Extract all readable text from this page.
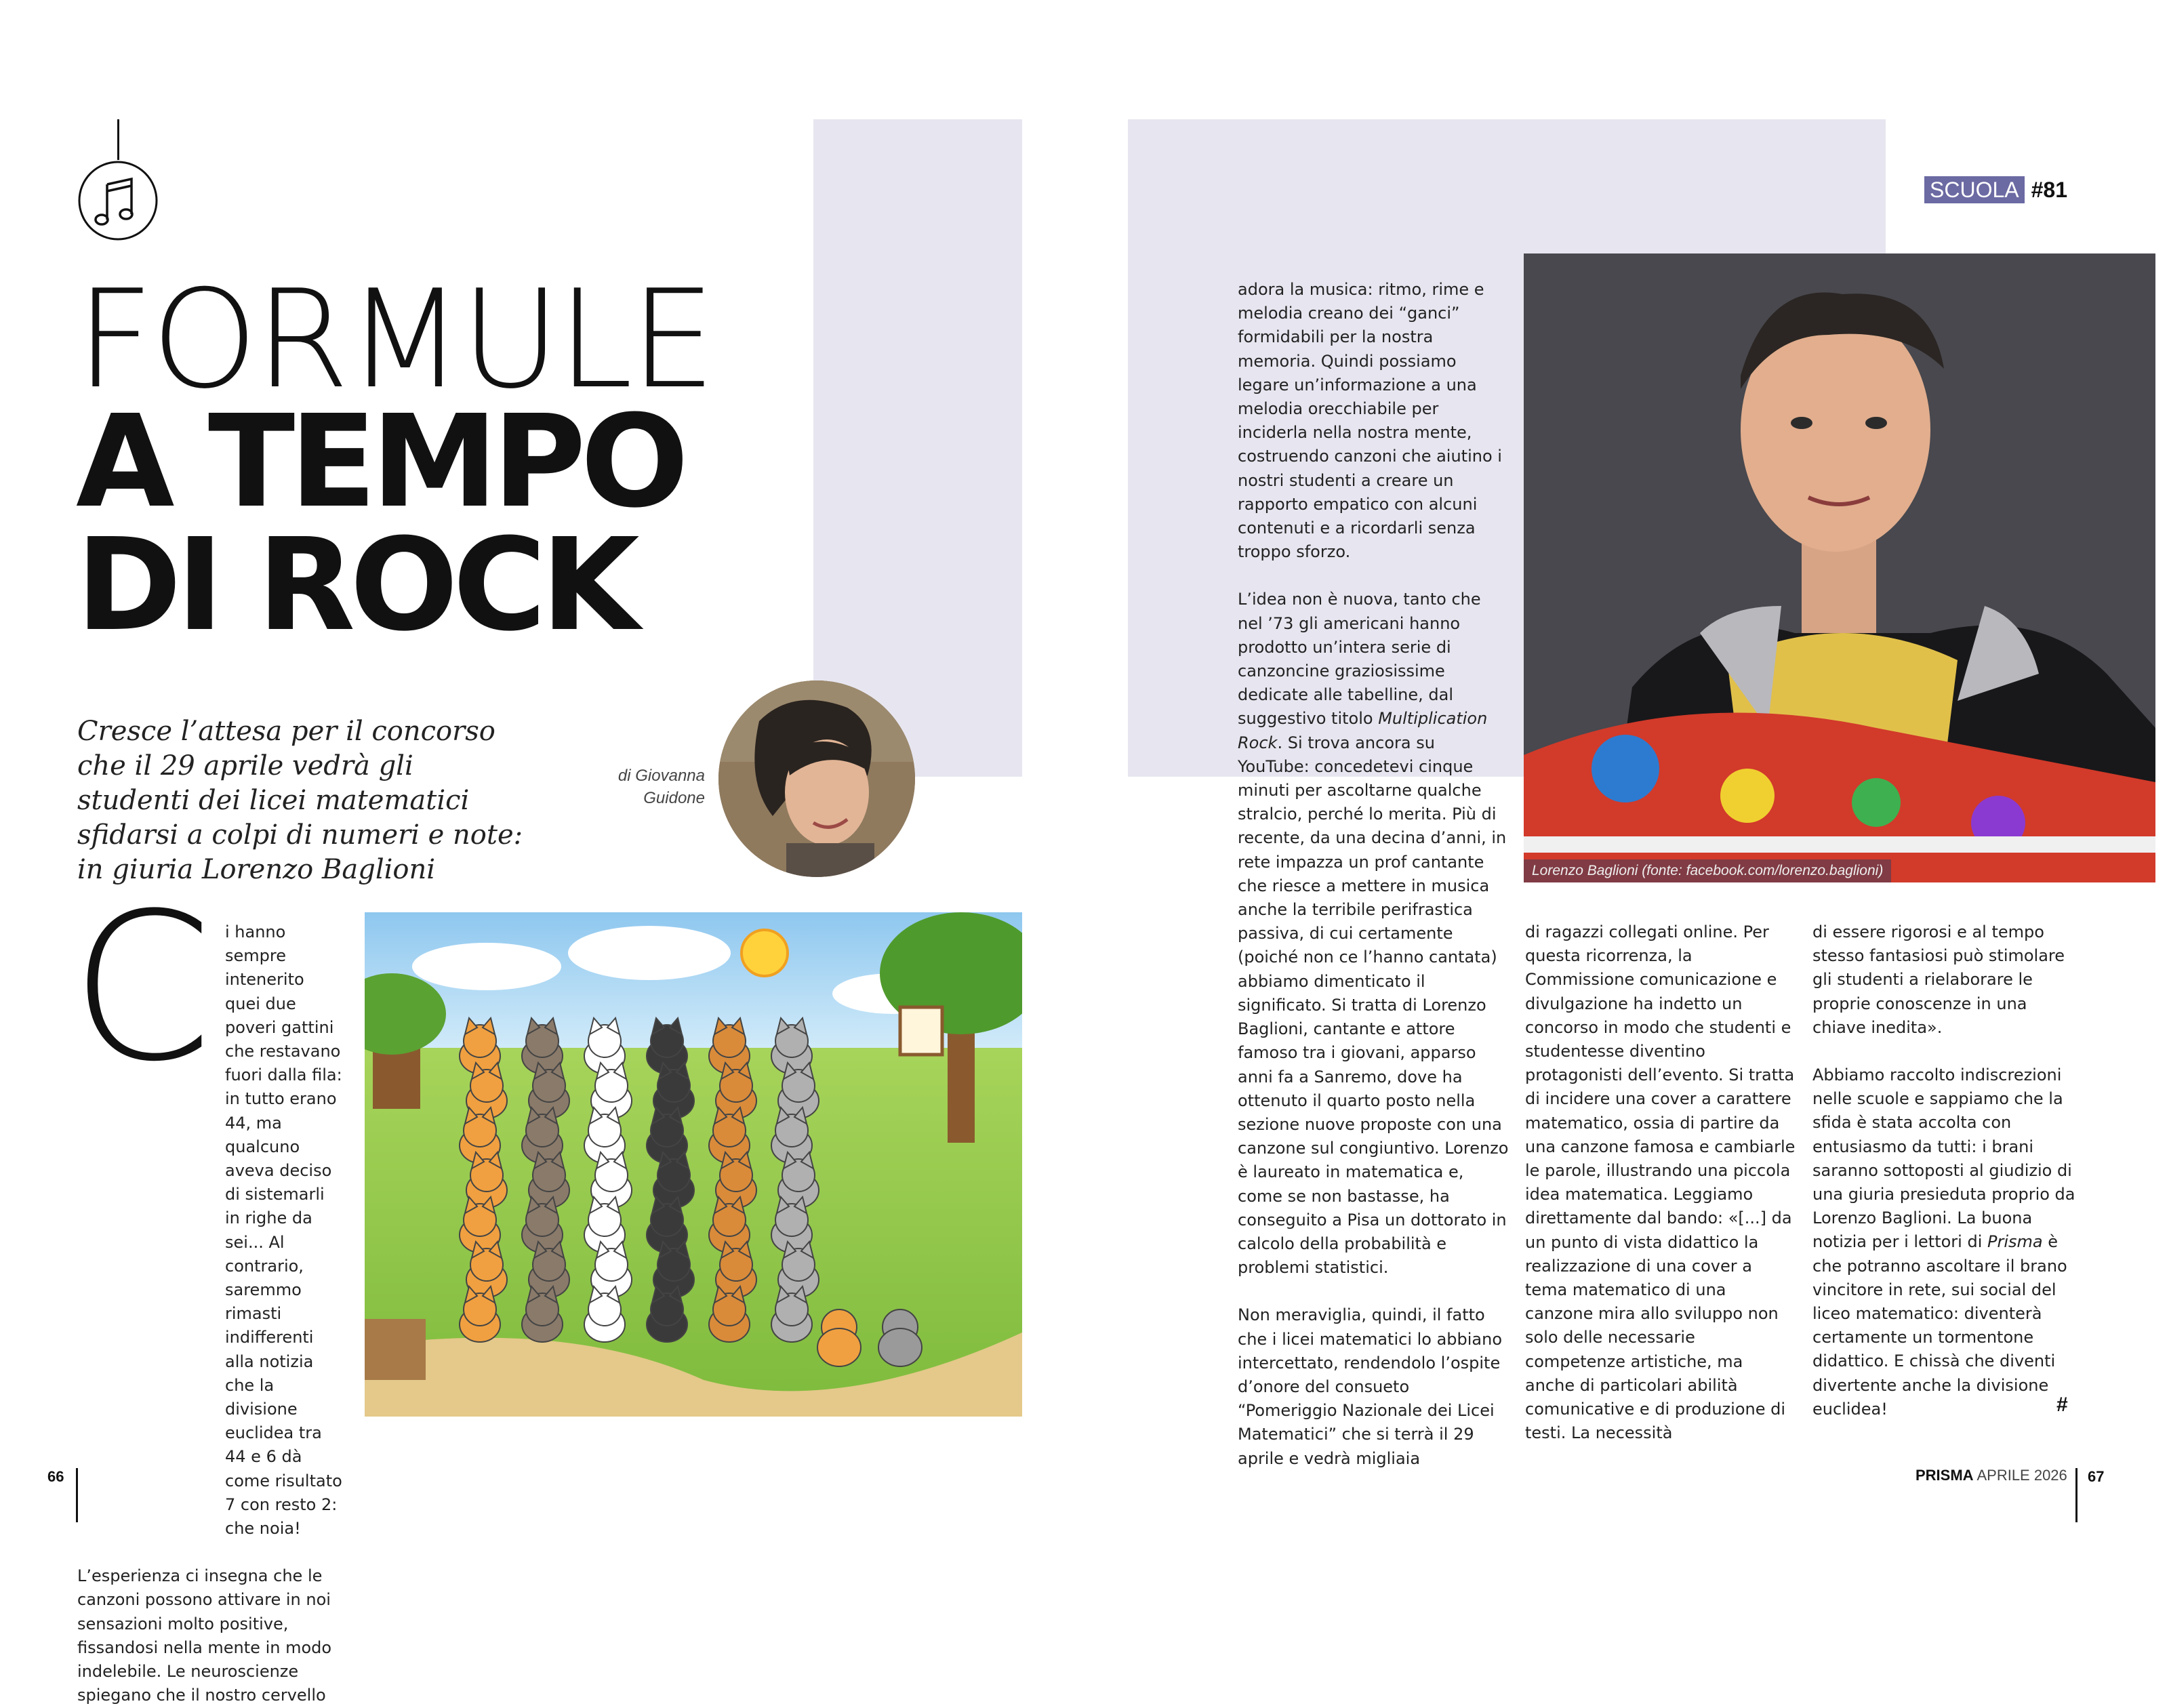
FORMULE
A TEMPO
DI ROCK
Cresce l’attesa per il concorso che il 29 aprile vedrà gli studenti dei licei matematici sfidarsi a colpi di numeri e note: in giuria Lorenzo Baglioni
di Giovanna Guidone
C i hanno sempre intenerito quei due poveri gattini che restavano fuori dalla fila: in tutto erano 44, ma qualcuno aveva deciso di sistemarli in righe da sei... Al contrario, saremmo rimasti indifferenti alla notizia che la divisione euclidea tra 44 e 6 dà come risultato 7 con resto 2: che noia!

L’esperienza ci insegna che le canzoni possono attivare in noi sensazioni molto positive, fissandosi nella mente in modo indelebile. Le neuroscienze spiegano che il nostro cervello

66
SCUOLA #81
Lorenzo Baglioni (fonte: facebook.com/lorenzo.baglioni)

adora la musica: ritmo, rime e melodia creano dei “ganci” formidabili per la nostra memoria. Quindi possiamo legare un’informazione a una melodia orecchiabile per inciderla nella nostra mente, costruendo canzoni che aiutino i nostri studenti a creare un rapporto empatico con alcuni contenuti e a ricordarli senza troppo sforzo.

L’idea non è nuova, tanto che nel ’73 gli americani hanno prodotto un’intera serie di canzoncine graziosissime dedicate alle tabelline, dal suggestivo titolo Multiplication Rock. Si trova ancora su YouTube: concedetevi cinque minuti per ascoltarne qualche stralcio, perché lo merita. Più di recente, da una decina d’anni, in rete impazza un prof cantante che riesce a mettere in musica anche la terribile perifrastica passiva, di cui certamente (poiché non ce l’hanno cantata) abbiamo dimenticato il significato. Si tratta di Lorenzo Baglioni, cantante e attore famoso tra i giovani, apparso anni fa a Sanremo, dove ha ottenuto il quarto posto nella sezione nuove proposte con una canzone sul congiuntivo. Lorenzo è laureato in matematica e, come se non bastasse, ha conseguito a Pisa un dottorato in calcolo della probabilità e problemi statistici.

Non meraviglia, quindi, il fatto che i licei matematici lo abbiano intercettato, rendendolo l’ospite d’onore del consueto “Pomeriggio Nazionale dei Licei Matematici” che si terrà il 29 aprile e vedrà migliaia

di ragazzi collegati online. Per questa ricorrenza, la Commissione comunicazione e divulgazione ha indetto un concorso in modo che studenti e studentesse diventino protagonisti dell’evento. Si tratta di incidere una cover a carattere matematico, ossia di partire da una canzone famosa e cambiarle le parole, illustrando una piccola idea matematica. Leggiamo direttamente dal bando: «[...] da un punto di vista didattico la realizzazione di una cover a tema matematico di una canzone mira allo sviluppo non solo delle necessarie competenze artistiche, ma anche di particolari abilità comunicative e di produzione di testi. La necessità

di essere rigorosi e al tempo stesso fantasiosi può stimolare gli studenti a rielaborare le proprie conoscenze in una chiave inedita».

Abbiamo raccolto indiscrezioni nelle scuole e sappiamo che la sfida è stata accolta con entusiasmo da tutti: i brani saranno sottoposti al giudizio di una giuria presieduta proprio da Lorenzo Baglioni. La buona notizia per i lettori di Prisma è che potranno ascoltare il brano vincitore in rete, sui social del liceo matematico: diventerà certamente un tormentone didattico. E chissà che diventi divertente anche la divisione euclidea!	#
PRISMA APRILE 2026 67
